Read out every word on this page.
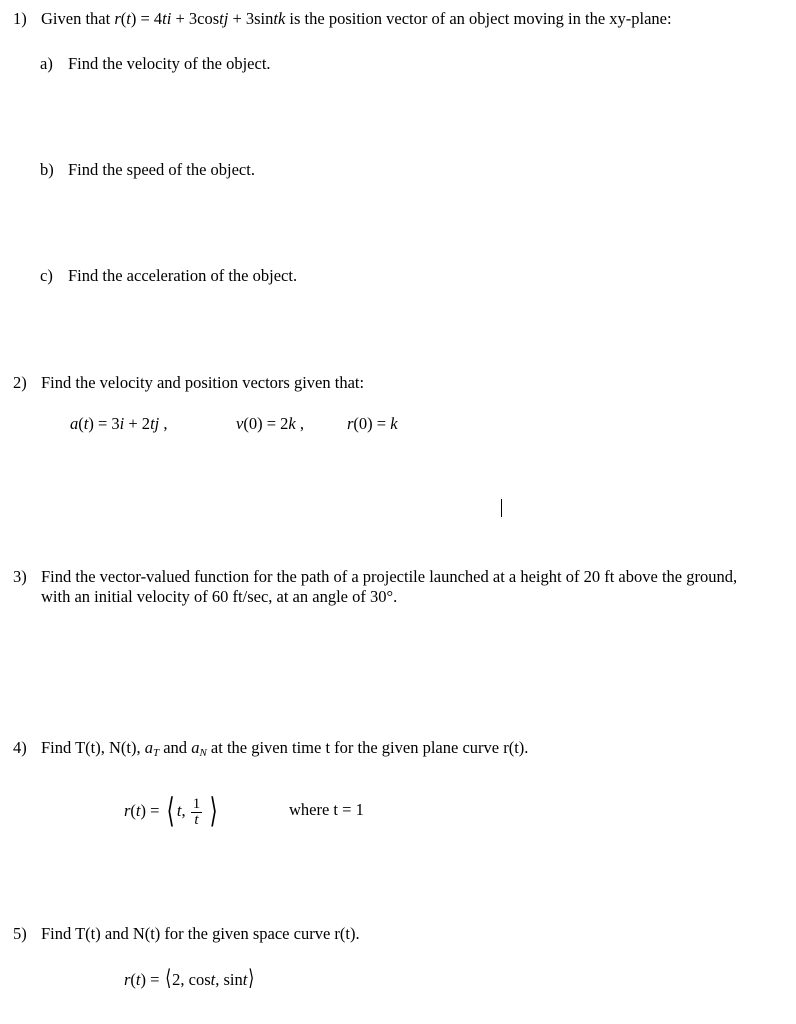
1) Given that r(t) = 4ti + 3costj + 3sintk is the position vector of an object moving in the xy-plane:
a) Find the velocity of the object.
b) Find the speed of the object.
c) Find the acceleration of the object.
2) Find the velocity and position vectors given that:
a(t) = 3i + 2tj ,	v(0) = 2k ,	r(0) = k
3) Find the vector-valued function for the path of a projectile launched at a height of 20 ft above the ground, with an initial velocity of 60 ft/sec, at an angle of 30°.
4) Find T(t), N(t), $a_T$ and $a_N$ at the given time t for the given plane curve r(t).
r(t) = ⟨ t, $\frac{1}{t}$ ⟩	where t = 1
5) Find T(t) and N(t) for the given space curve r(t).
r(t) = ⟨2, cost, sint⟩
